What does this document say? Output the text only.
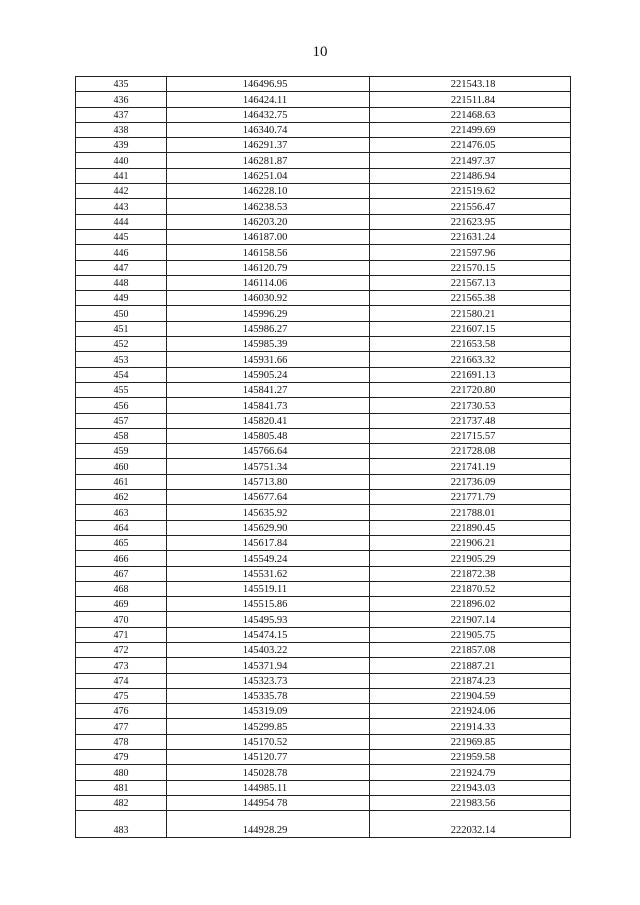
10
435	146496.95	221543.18
436	146424.11	221511.84
437	146432.75	221468.63
438	146340.74	221499.69
439	146291.37	221476.05
440	146281.87	221497.37
441	146251.04	221486.94
442	146228.10	221519.62
443	146238.53	221556.47
444	146203.20	221623.95
445	146187.00	221631.24
446	146158.56	221597.96
447	146120.79	221570.15
448	146114.06	221567.13
449	146030.92	221565.38
450	145996.29	221580.21
451	145986.27	221607.15
452	145985.39	221653.58
453	145931.66	221663.32
454	145905.24	221691.13
455	145841.27	221720.80
456	145841.73	221730.53
457	145820.41	221737.48
458	145805.48	221715.57
459	145766.64	221728.08
460	145751.34	221741.19
461	145713.80	221736.09
462	145677.64	221771.79
463	145635.92	221788.01
464	145629.90	221890.45
465	145617.84	221906.21
466	145549.24	221905.29
467	145531.62	221872.38
468	145519.11	221870.52
469	145515.86	221896.02
470	145495.93	221907.14
471	145474.15	221905.75
472	145403.22	221857.08
473	145371.94	221887.21
474	145323.73	221874.23
475	145335.78	221904.59
476	145319.09	221924.06
477	145299.85	221914.33
478	145170.52	221969.85
479	145120.77	221959.58
480	145028.78	221924.79
481	144985.11	221943.03
482	144954 78	221983.56
483	144928.29	222032.14
